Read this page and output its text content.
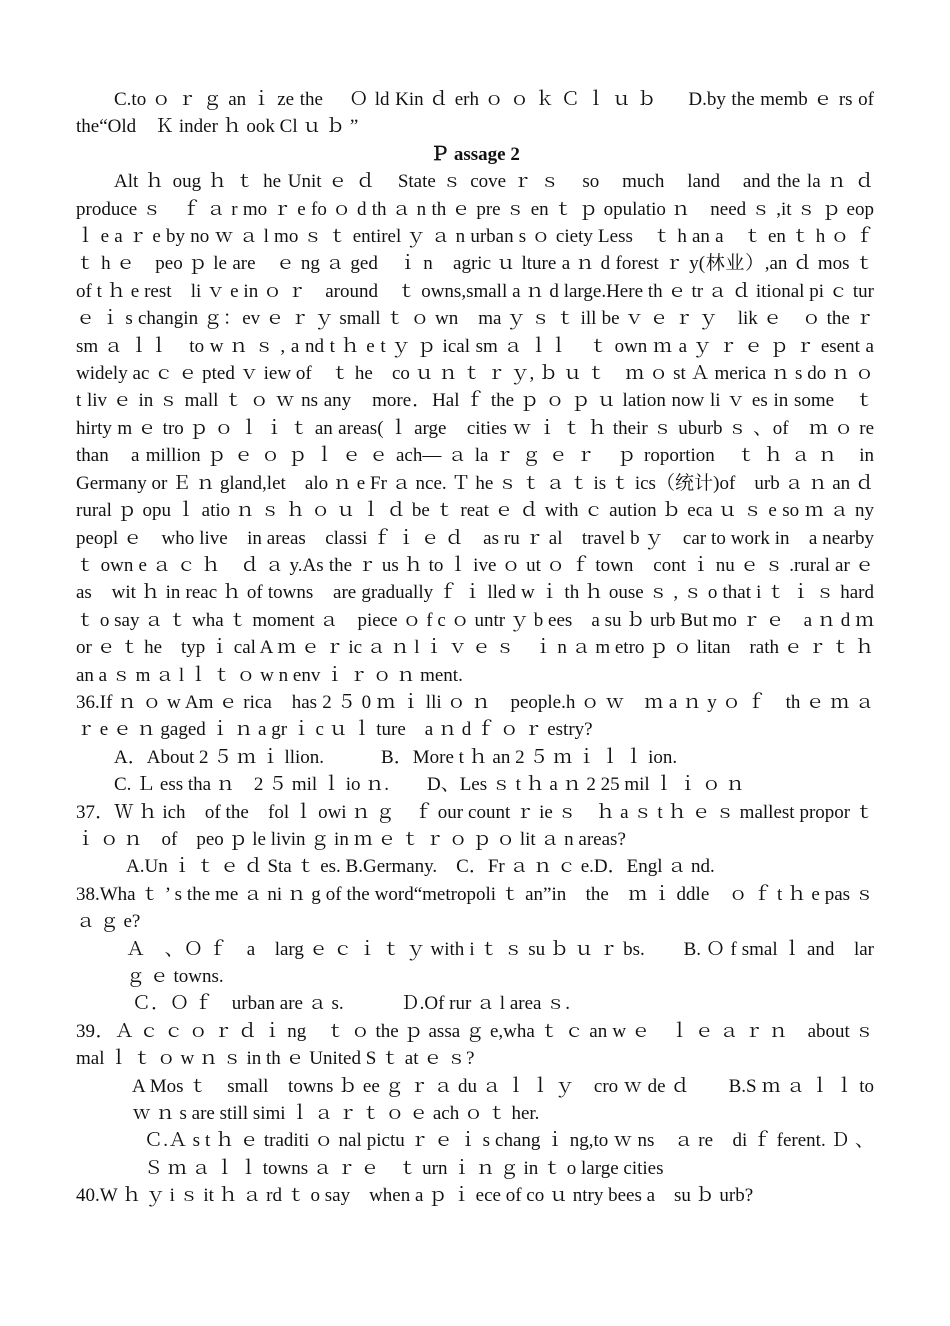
C.to ｏ ｒ ｇ an ｉ ze the　 Ｏ ld Kin ｄ erh ｏ ｏ ｋ Ｃ ｌ ｕ ｂ 　 D.by the memb ｅ rs of the“Old　Ｋ inder ｈ ook Cl ｕ ｂ ”

Ｐ assage 2

Alt ｈ oug ｈ ｔ he Unit ｅ ｄ　State ｓ cove ｒ ｓ　so　much　land　and the la ｎ ｄ　produce ｓ　ｆ ａ r mo ｒ e fo ｏ d th ａ n th ｅ pre ｓ en ｔ ｐ opulatio ｎ　need ｓ ,it ｓ ｐ eop ｌ e a ｒ e by no ｗ ａ l mo ｓ ｔ entirel ｙ ａ n urban s ｏ ciety Less　ｔ h an a　ｔ en ｔ h ｏ ｆ　ｔ h ｅ　peo ｐ le are　ｅ ng ａ ged　ｉ n　agric ｕ lture a ｎ d forest ｒ y(林业）,an ｄ mos ｔ　of t ｈ e rest　li ｖ e in ｏ ｒ　around　ｔ owns,small a ｎ d large.Here th ｅ tr ａ ｄ itional pi ｃ tur ｅ ｉ s changin ｇ：ev ｅ ｒ ｙ small ｔ ｏ wn　ma ｙ ｓ ｔ ill be ｖ ｅ ｒ ｙ　lik ｅ　ｏ the ｒ sm ａ ｌｌ　to w ｎ ｓ , a nd t ｈ e t ｙ ｐ ical sm ａ ｌｌ　ｔ own ｍ a ｙ ｒ ｅ ｐ ｒ esent a　widely ac ｃ ｅ pted ｖ iew of　ｔ he　co ｕ ｎ ｔ ｒ ｙ, ｂ ｕ ｔ　ｍ ｏ st Ａ merica ｎ s do ｎ ｏ t liv ｅ in ｓ mall ｔ ｏ ｗ ns any　more．Hal ｆ the ｐ ｏ ｐ ｕ lation now li ｖ es in some　ｔ hirty m ｅ tro ｐ ｏ ｌ ｉ ｔ an areas( ｌ arge　cities ｗ ｉ ｔ ｈ their ｓ uburb ｓ 、of　ｍ ｏ re than　a million ｐ ｅ ｏ ｐ ｌ ｅ ｅ ach— ａ la ｒ ｇ ｅ ｒ　ｐ roportion　ｔ ｈ ａ ｎ　in　Germany or Ｅ ｎ gland,let　alo ｎ e Fr ａ nce. Ｔ he ｓ ｔ ａ ｔ is ｔ ics（统计)of　urb ａ ｎ an ｄ　rural ｐ opu ｌ atio ｎ ｓ ｈ ｏ ｕ ｌ ｄ be ｔ reat ｅ ｄ with ｃ aution ｂ eca ｕ ｓ e so ｍ ａ ny　peopl ｅ　who live　in areas　classi ｆ ｉ ｅ ｄ　as ru ｒ al　travel b ｙ　car to work in　a nearby ｔ own e ａ ｃ ｈ　ｄ ａ y.As the ｒ us ｈ to ｌ ive ｏ ut ｏ ｆ town　cont ｉ nu ｅ ｓ .rural ar ｅ as　wit ｈ in reac ｈ of towns　are gradually ｆ ｉ lled w ｉ th ｈ ouse ｓ , ｓ o that i ｔ ｉ ｓ hard ｔ o say ａ ｔ wha ｔ moment ａ　piece ｏ f c ｏ untr ｙ b ees　a su ｂ urb But mo ｒ ｅ　a ｎ d ｍ or ｅ ｔ he　typ ｉ cal A ｍ ｅ ｒ ic ａ ｎ l ｉ ｖ ｅ ｓ　ｉ n ａ m etro ｐ ｏ litan　rath ｅ ｒ ｔ ｈ an a ｓ m ａ l ｌ ｔ ｏ w n env ｉ ｒ ｏ ｎ ment.

36.If ｎ ｏ w Am ｅ rica　has 2 ５ 0 ｍ ｉ lli ｏ ｎ　people.h ｏ ｗ　ｍ a ｎ y ｏ ｆ　th ｅ ｍ ａ ｒ e ｅ ｎ gaged ｉ ｎ a gr ｉ c ｕ ｌ ture　a ｎ d ｆ ｏ ｒ estry?

A．About 2 ５ ｍ ｉ llion.　　　B．More t ｈ an 2 ５ ｍ ｉ ｌ ｌ ion.

C. Ｌ ess tha ｎ　2 ５ mil ｌ io ｎ.　　D、Les ｓ t ｈ a ｎ 2 25 mil ｌ ｉ ｏ ｎ

37．Ｗ ｈ ich　of the　fol ｌ owi ｎ ｇ　ｆ our count ｒ ie ｓ　ｈ a ｓ t ｈ ｅ ｓ mallest propor ｔ ｉ ｏ ｎ　of　peo ｐ le livin ｇ in ｍ ｅ ｔ ｒ ｏ ｐ ｏ lit ａ n areas?

A.Un ｉ ｔ ｅ ｄ Sta ｔ es. B.Germany.　C．Fr ａ ｎ ｃ e.D．Engl ａ nd.

38.Wha ｔ ’ s the me ａ ni ｎ g of the word“metropoli ｔ an”in　the　ｍ ｉ ddle　ｏ ｆ t ｈ e pas ｓ ａ ｇ e?

Ａ　、Ｏ ｆ　a　larg ｅ ｃ ｉ ｔ ｙ with i ｔ ｓ su ｂ ｕ ｒ bs.　　B. Ｏ f smal ｌ and　lar ｇ ｅ towns.

Ｃ．Ｏ ｆ　urban are ａ s.　　　Ｄ.Of rur ａ l area ｓ.

39．Ａ ｃ ｃ ｏ ｒ ｄ ｉ ng　ｔ ｏ the ｐ assa ｇ e,wha ｔ ｃ an w ｅ　ｌ ｅ ａ ｒ ｎ　about ｓ mal ｌ ｔ ｏ w ｎ ｓ in th ｅ United S ｔ at ｅ ｓ?

A Mos ｔ　small　towns ｂ ee ｇ ｒ ａ du ａ ｌ ｌ ｙ　cro ｗ de ｄ　　B.S ｍ ａ ｌ ｌ to ｗ ｎ s are still simi ｌ ａ ｒ ｔ ｏ ｅ ach ｏ ｔ her.

Ｃ.Ａ s t ｈ ｅ traditi ｏ nal pictu ｒ ｅ ｉ s chang ｉ ng,to ｗ ns　ａ re　di ｆ ferent. Ｄ 、Ｓ ｍ ａ ｌ ｌ towns ａ ｒ ｅ　ｔ urn ｉ ｎ ｇ in ｔ o large cities

40.W ｈ ｙ i ｓ it ｈ ａ rd ｔ o say　when a ｐ ｉ ece of co ｕ ntry bees a　su ｂ urb?
